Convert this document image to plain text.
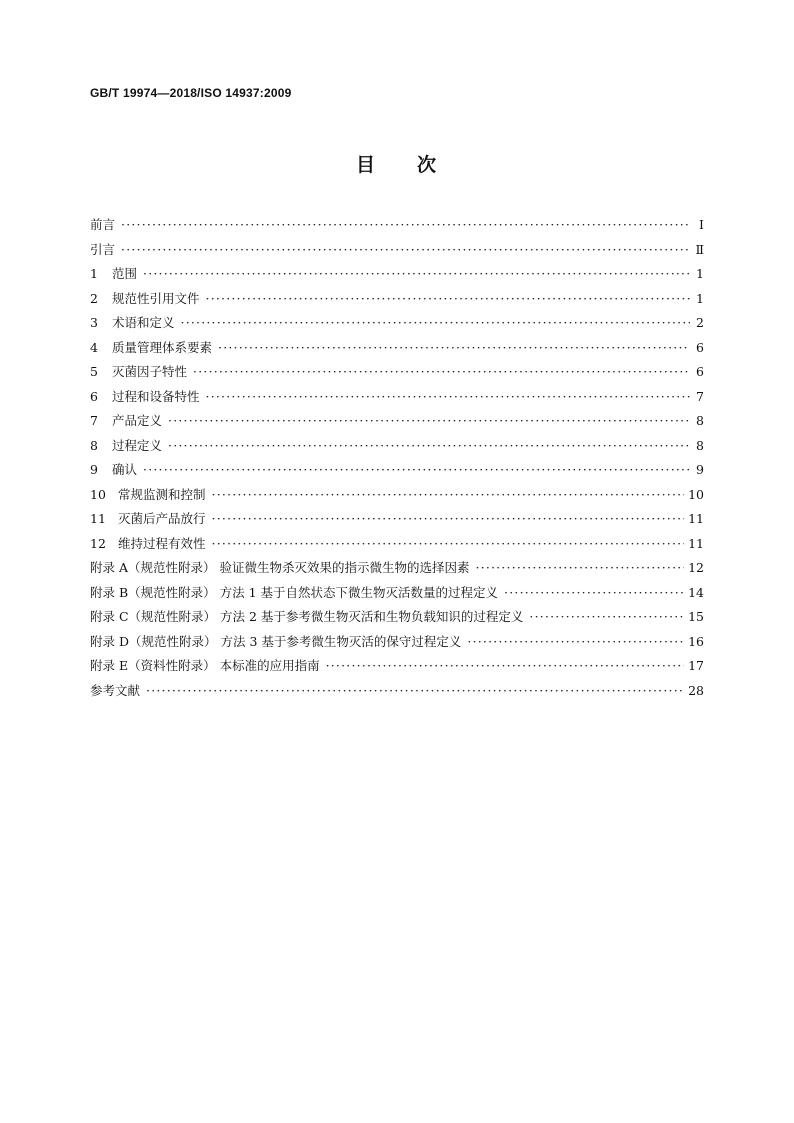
GB/T 19974—2018/ISO 14937:2009
目 次
前言 ·····	Ⅰ
引言 ·····	Ⅱ
1 范围 ·····	1
2 规范性引用文件 ·····	1
3 术语和定义 ·····	2
4 质量管理体系要素 ·····	6
5 灭菌因子特性 ·····	6
6 过程和设备特性 ·····	7
7 产品定义 ·····	8
8 过程定义 ·····	8
9 确认 ·····	9
10 常规监测和控制 ·····	10
11 灭菌后产品放行 ·····	11
12 维持过程有效性 ·····	11
附录 A（规范性附录） 验证微生物杀灭效果的指示微生物的选择因素 ·····	12
附录 B（规范性附录） 方法 1 基于自然状态下微生物灭活数量的过程定义 ·····	14
附录 C（规范性附录） 方法 2 基于参考微生物灭活和生物负载知识的过程定义 ·····	15
附录 D（规范性附录） 方法 3 基于参考微生物灭活的保守过程定义 ·····	16
附录 E（资料性附录） 本标准的应用指南 ·····	17
参考文献 ·····	28
